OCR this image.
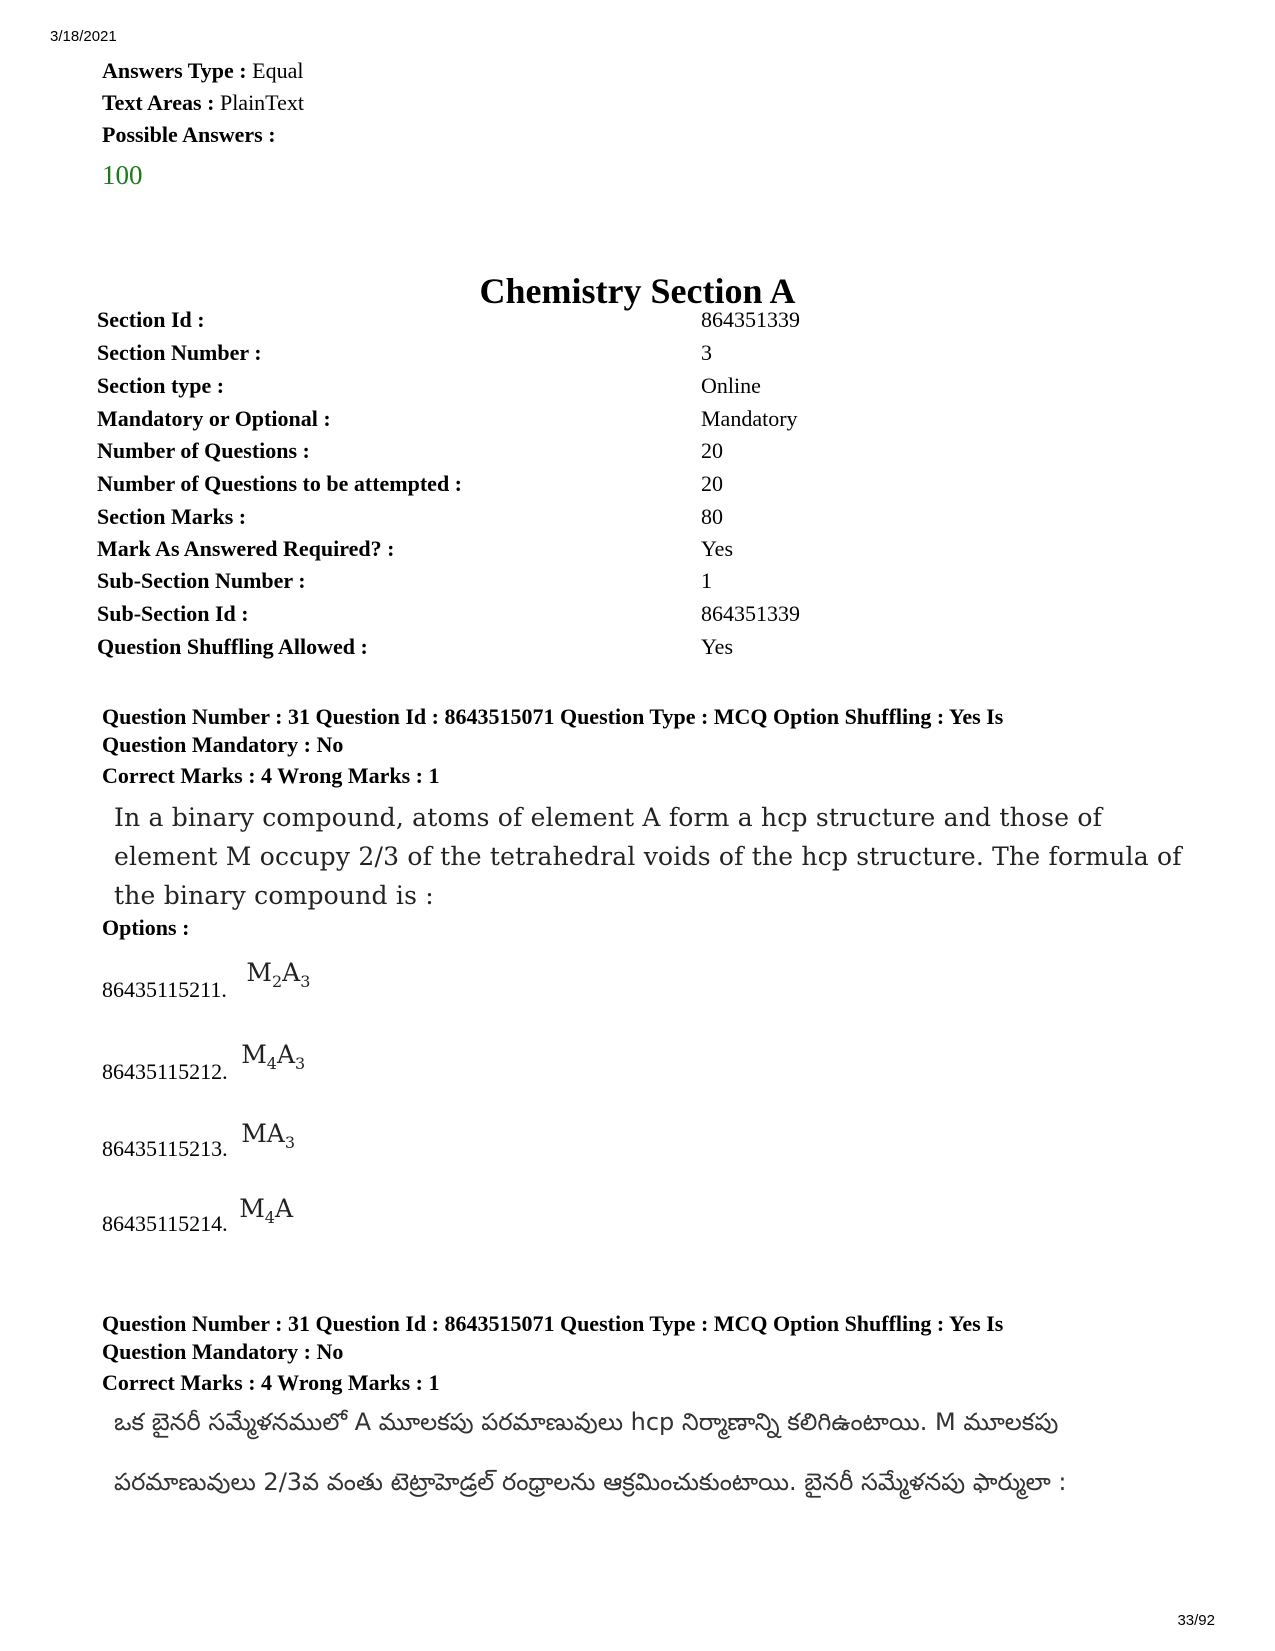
3/18/2021
Answers Type : Equal
Text Areas : PlainText
Possible Answers :
100
Chemistry Section A
Section Id :	864351339
Section Number :	3
Section type :	Online
Mandatory or Optional :	Mandatory
Number of Questions :	20
Number of Questions to be attempted :	20
Section Marks :	80
Mark As Answered Required? :	Yes
Sub-Section Number :	1
Sub-Section Id :	864351339
Question Shuffling Allowed :	Yes
Question Number : 31 Question Id : 8643515071 Question Type : MCQ Option Shuffling : Yes Is
Question Mandatory : No
Correct Marks : 4 Wrong Marks : 1
In a binary compound, atoms of element A form a hcp structure and those of element M occupy 2/3 of the tetrahedral voids of the hcp structure. The formula of the binary compound is :
Options :
86435115211. $M_2A_3$
86435115212. $M_4A_3$
86435115213. $MA_3$
86435115214. $M_4A$
Question Number : 31 Question Id : 8643515071 Question Type : MCQ Option Shuffling : Yes Is
Question Mandatory : No
Correct Marks : 4 Wrong Marks : 1
ఒక బైనరీ సమ్మేళనములో A మూలకపు పరమాణువులు hcp నిర్మాణాన్ని కలిగిఉంటాయి. M మూలకపు
పరమాణువులు 2/3వ వంతు టెట్రాహెడ్రల్ రంధ్రాలను ఆక్రమించుకుంటాయి. బైనరీ సమ్మేళనపు ఫార్ములా :
33/92
